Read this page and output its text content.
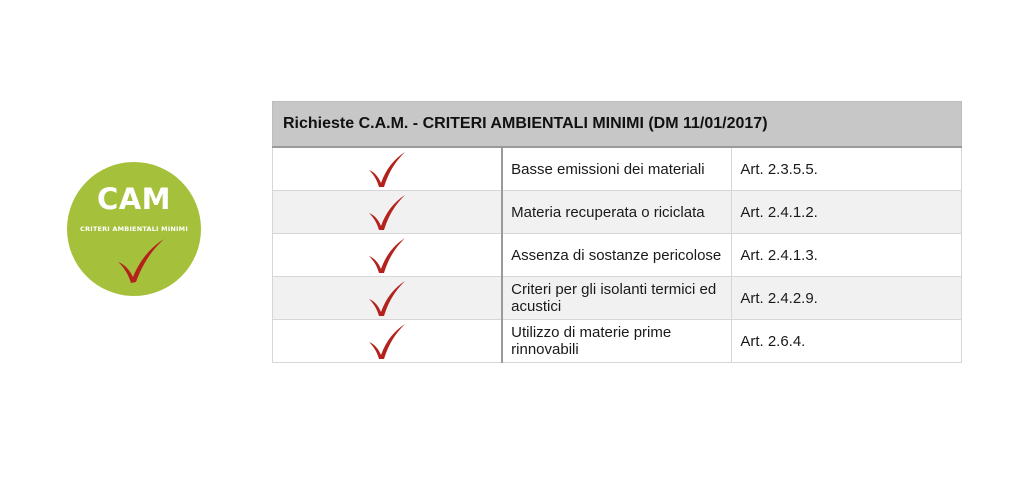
CAM
CRITERI AMBIENTALI MINIMI
Richieste C.A.M. - CRITERI AMBIENTALI MINIMI (DM 11/01/2017)		

	Basse emissioni dei materiali	Art. 2.3.5.5.

	Materia recuperata o riciclata	Art. 2.4.1.2.

	Assenza di sostanze pericolose	Art. 2.4.1.3.

	Criteri per gli isolanti termici ed acustici	Art. 2.4.2.9.

	Utilizzo di materie prime rinnovabili	Art. 2.6.4.
